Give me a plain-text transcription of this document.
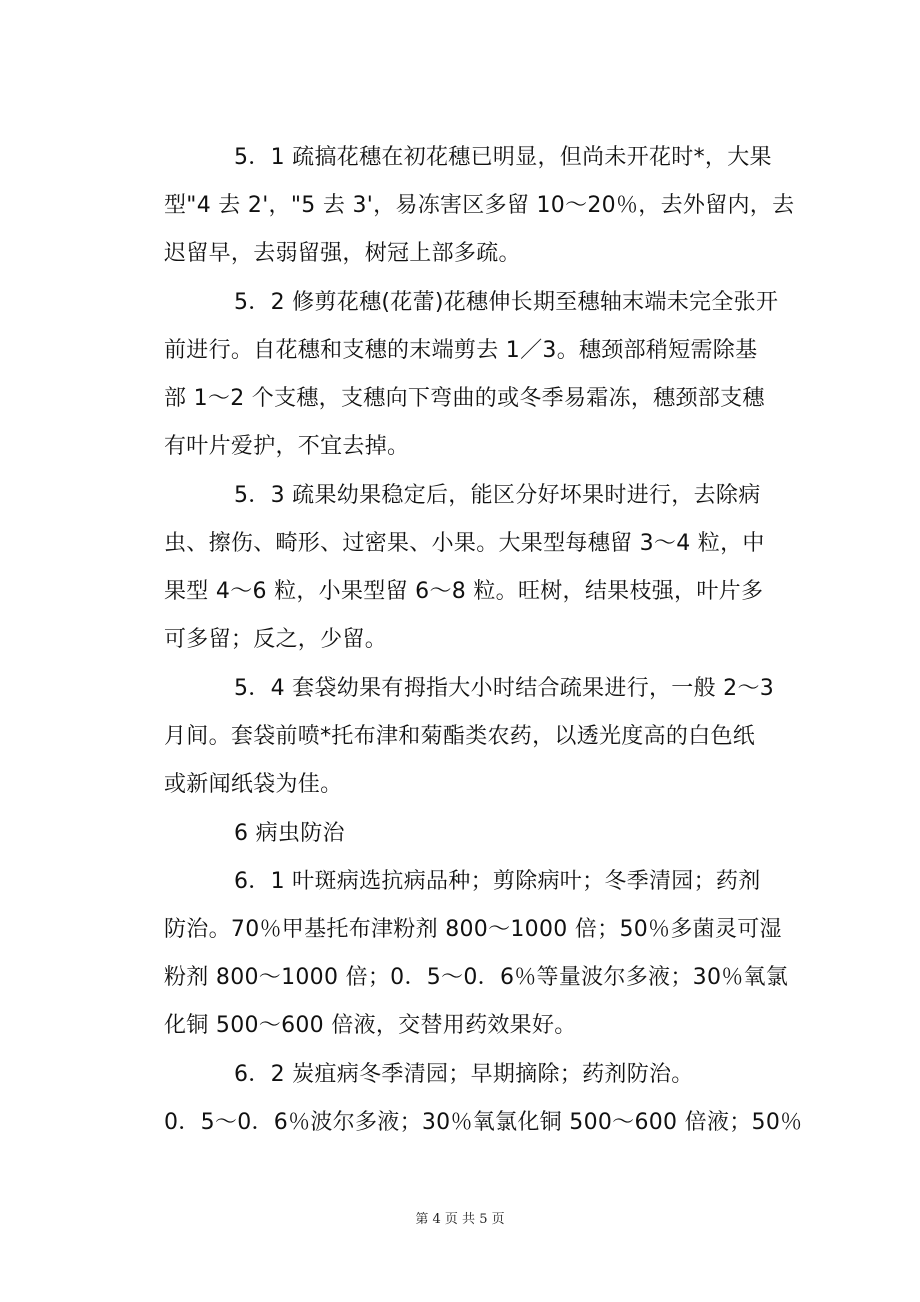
5．1 疏搞花穗在初花穗已明显，但尚未开花时*，大果
型"4 去 2'，"5 去 3'，易冻害区多留 10～20％，去外留内，去
迟留早，去弱留强，树冠上部多疏。
5．2 修剪花穗(花蕾)花穗伸长期至穗轴末端未完全张开
前进行。自花穗和支穗的末端剪去 1／3。穗颈部稍短需除基
部 1～2 个支穗，支穗向下弯曲的或冬季易霜冻，穗颈部支穗
有叶片爱护，不宜去掉。
5．3 疏果幼果稳定后，能区分好坏果时进行，去除病
虫、擦伤、畸形、过密果、小果。大果型每穗留 3～4 粒，中
果型 4～6 粒，小果型留 6～8 粒。旺树，结果枝强，叶片多
可多留；反之，少留。
5．4 套袋幼果有拇指大小时结合疏果进行，一般 2～3
月间。套袋前喷*托布津和菊酯类农药，以透光度高的白色纸
或新闻纸袋为佳。
6 病虫防治
6．1 叶斑病选抗病品种；剪除病叶；冬季清园；药剂
防治。70％甲基托布津粉剂 800～1000 倍；50％多菌灵可湿
粉剂 800～1000 倍；0．5～0．6％等量波尔多液；30％氧氯
化铜 500～600 倍液，交替用药效果好。
6．2 炭疽病冬季清园；早期摘除；药剂防治。
0．5～0．6％波尔多液；30％氧氯化铜 500～600 倍液；50％
第 4 页 共 5 页
